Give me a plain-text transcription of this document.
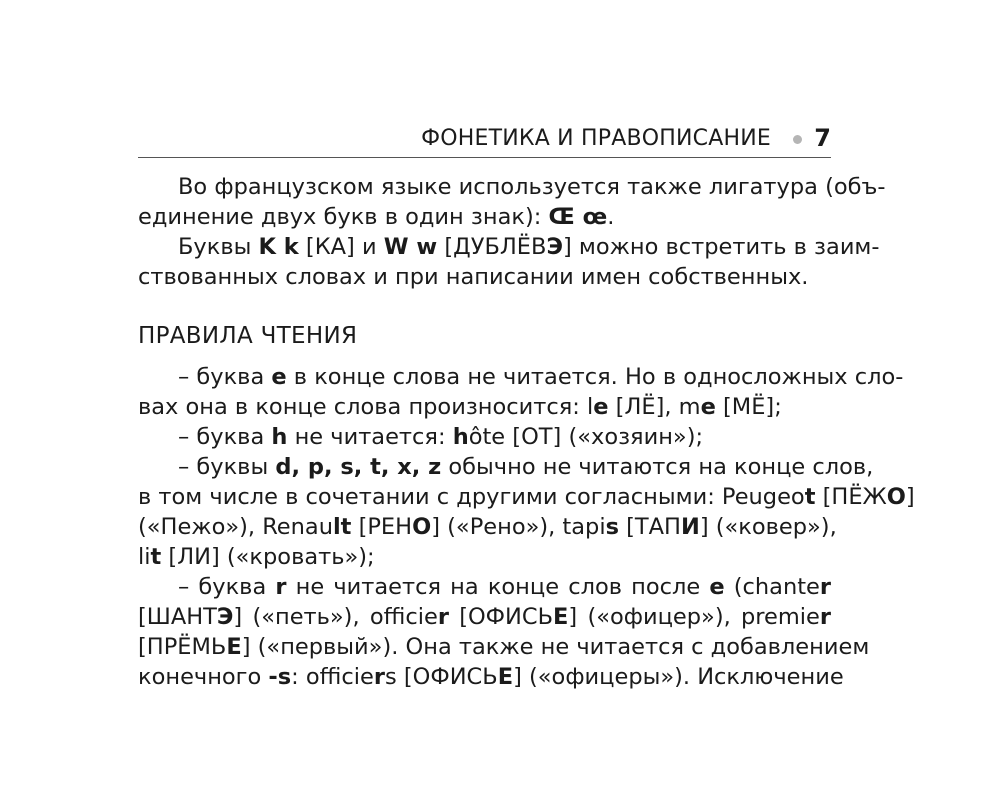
ФОНЕТИКА И ПРАВОПИСАНИЕ 7
Во французском языке используется также лигатура (объ-
единение двух букв в один знак): Œ œ.
Буквы K k [КА] и W w [ДУБЛЁВЭ] можно встретить в заим-
ствованных словах и при написании имен собственных.
ПРАВИЛА ЧТЕНИЯ
– буква e в конце слова не читается. Но в односложных сло-
вах она в конце слова произносится: le [ЛЁ], me [МЁ];
– буква h не читается: hôte [ОТ] («хозяин»);
– буквы d, p, s, t, x, z обычно не читаются на конце слов,
в том числе в сочетании с другими согласными: Peugeot [ПЁЖО]
(«Пежо»), Renault [РЕНО] («Рено»), tapis [ТАПИ] («ковер»),
lit [ЛИ] («кровать»);
– буква r не читается на конце слов после e (chanter
[ШАНТЭ] («петь»), officier [ОФИСЬЕ] («офицер»), premier
[ПРЁМЬЕ] («первый»). Она также не читается с добавлением
конечного -s: officiers [ОФИСЬЕ] («офицеры»). Исключение
